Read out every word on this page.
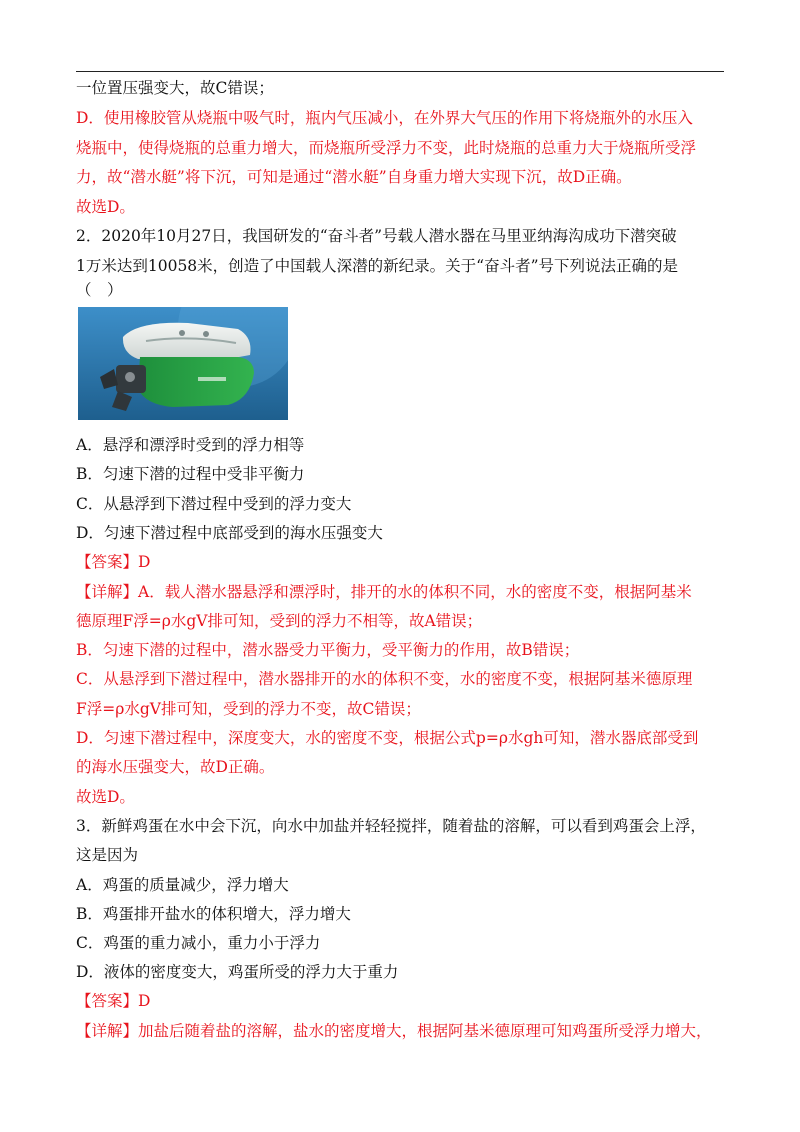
一位置压强变大，故C错误；
D．使用橡胶管从烧瓶中吸气时，瓶内气压减小，在外界大气压的作用下将烧瓶外的水压入
烧瓶中，使得烧瓶的总重力增大，而烧瓶所受浮力不变，此时烧瓶的总重力大于烧瓶所受浮
力，故“潜水艇”将下沉，可知是通过“潜水艇”自身重力增大实现下沉，故D正确。
故选D。
2．2020年10月27日，我国研发的“奋斗者”号载人潜水器在马里亚纳海沟成功下潜突破
1万米达到10058米，创造了中国载人深潜的新纪录。关于“奋斗者”号下列说法正确的是
（　）
A．悬浮和漂浮时受到的浮力相等
B．匀速下潜的过程中受非平衡力
C．从悬浮到下潜过程中受到的浮力变大
D．匀速下潜过程中底部受到的海水压强变大
【答案】D
【详解】A．载人潜水器悬浮和漂浮时，排开的水的体积不同，水的密度不变，根据阿基米
德原理F浮=ρ水gV排可知，受到的浮力不相等，故A错误；
B．匀速下潜的过程中，潜水器受力平衡力，受平衡力的作用，故B错误；
C．从悬浮到下潜过程中，潜水器排开的水的体积不变，水的密度不变，根据阿基米德原理
F浮=ρ水gV排可知，受到的浮力不变，故C错误；
D．匀速下潜过程中，深度变大，水的密度不变，根据公式p=ρ水gh可知，潜水器底部受到
的海水压强变大，故D正确。
故选D。
3．新鲜鸡蛋在水中会下沉，向水中加盐并轻轻搅拌，随着盐的溶解，可以看到鸡蛋会上浮，
这是因为
A．鸡蛋的质量减少，浮力增大
B．鸡蛋排开盐水的体积增大，浮力增大
C．鸡蛋的重力减小，重力小于浮力
D．液体的密度变大，鸡蛋所受的浮力大于重力
【答案】D
【详解】加盐后随着盐的溶解，盐水的密度增大，根据阿基米德原理可知鸡蛋所受浮力增大，
